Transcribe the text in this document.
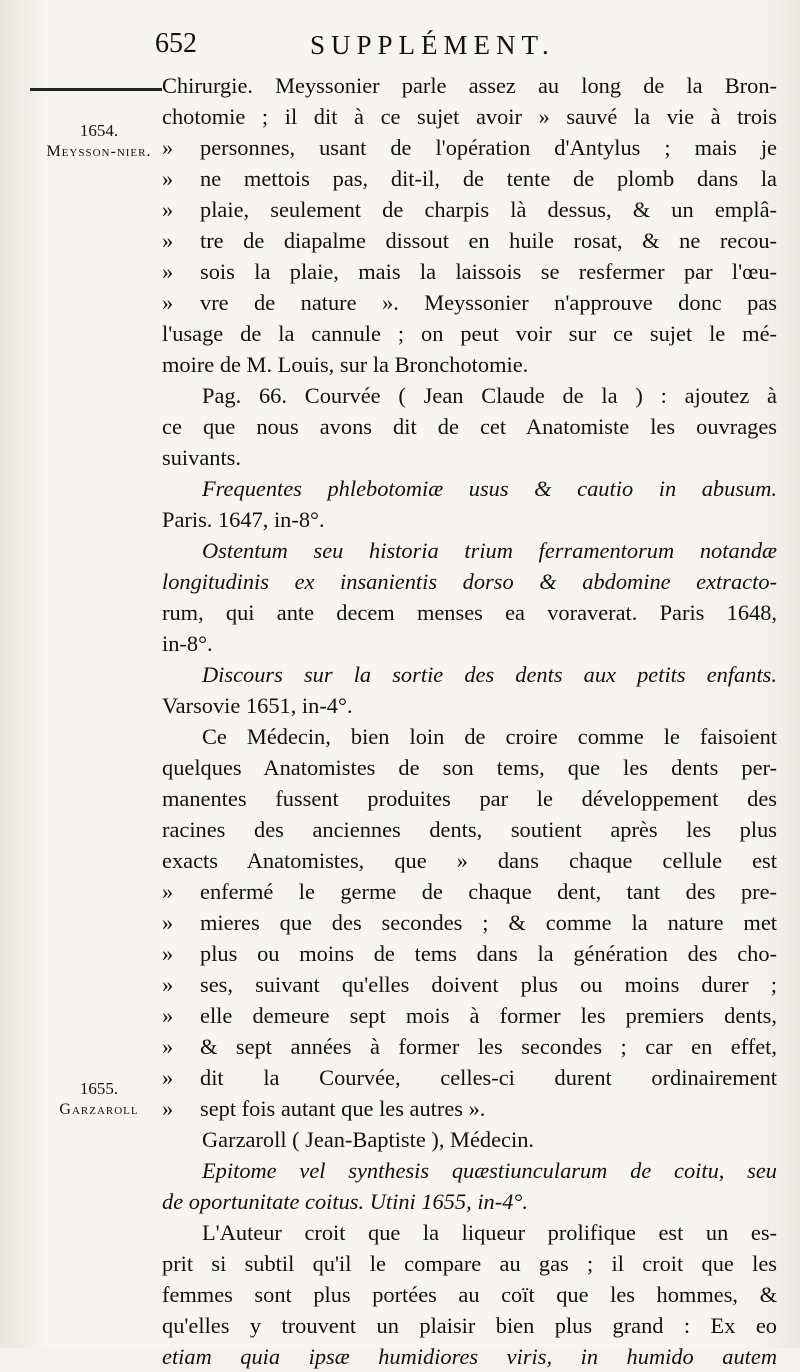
652	SUPPLÉMENT.
1654.
Meysson-nier.
1655.
Garzaroll
Chirurgie. Meyssonier parle assez au long de la Bron-
chotomie ; il dit à ce sujet avoir » sauvé la vie à trois
» personnes, usant de l'opération d'Antylus ; mais je
» ne mettois pas, dit-il, de tente de plomb dans la
» plaie, seulement de charpis là dessus, & un emplâ-
» tre de diapalme dissout en huile rosat, & ne recou-
» sois la plaie, mais la laissois se resfermer par l'œu-
» vre de nature ». Meyssonier n'approuve donc pas
l'usage de la cannule ; on peut voir sur ce sujet le mé-
moire de M. Louis, sur la Bronchotomie.
Pag. 66. Courvée ( Jean Claude de la ) : ajoutez à
ce que nous avons dit de cet Anatomiste les ouvrages
suivants.
Frequentes phlebotomiæ usus & cautio in abusum.
Paris. 1647, in-8°.
Ostentum seu historia trium ferramentorum notandæ
longitudinis ex insanientis dorso & abdomine extracto-
rum, qui ante decem menses ea voraverat. Paris 1648,
in-8°.
Discours sur la sortie des dents aux petits enfants.
Varsovie 1651, in-4°.
Ce Médecin, bien loin de croire comme le faisoient
quelques Anatomistes de son tems, que les dents per-
manentes fussent produites par le développement des
racines des anciennes dents, soutient après les plus
exacts Anatomistes, que » dans chaque cellule est
» enfermé le germe de chaque dent, tant des pre-
» mieres que des secondes ; & comme la nature met
» plus ou moins de tems dans la génération des cho-
» ses, suivant qu'elles doivent plus ou moins durer ;
» elle demeure sept mois à former les premiers dents,
» & sept années à former les secondes ; car en effet,
» dit la Courvée, celles-ci durent ordinairement
» sept fois autant que les autres ».
Garzaroll ( Jean-Baptiste ), Médecin.
Epitome vel synthesis quæstiuncularum de coitu, seu
de oportunitate coitus. Utini 1655, in-4°.
L'Auteur croit que la liqueur prolifique est un es-
prit si subtil qu'il le compare au gas ; il croit que les
femmes sont plus portées au coït que les hommes, &
qu'elles y trouvent un plaisir bien plus grand : Ex eo
etiam quia ipsæ humidiores viris, in humido autem
